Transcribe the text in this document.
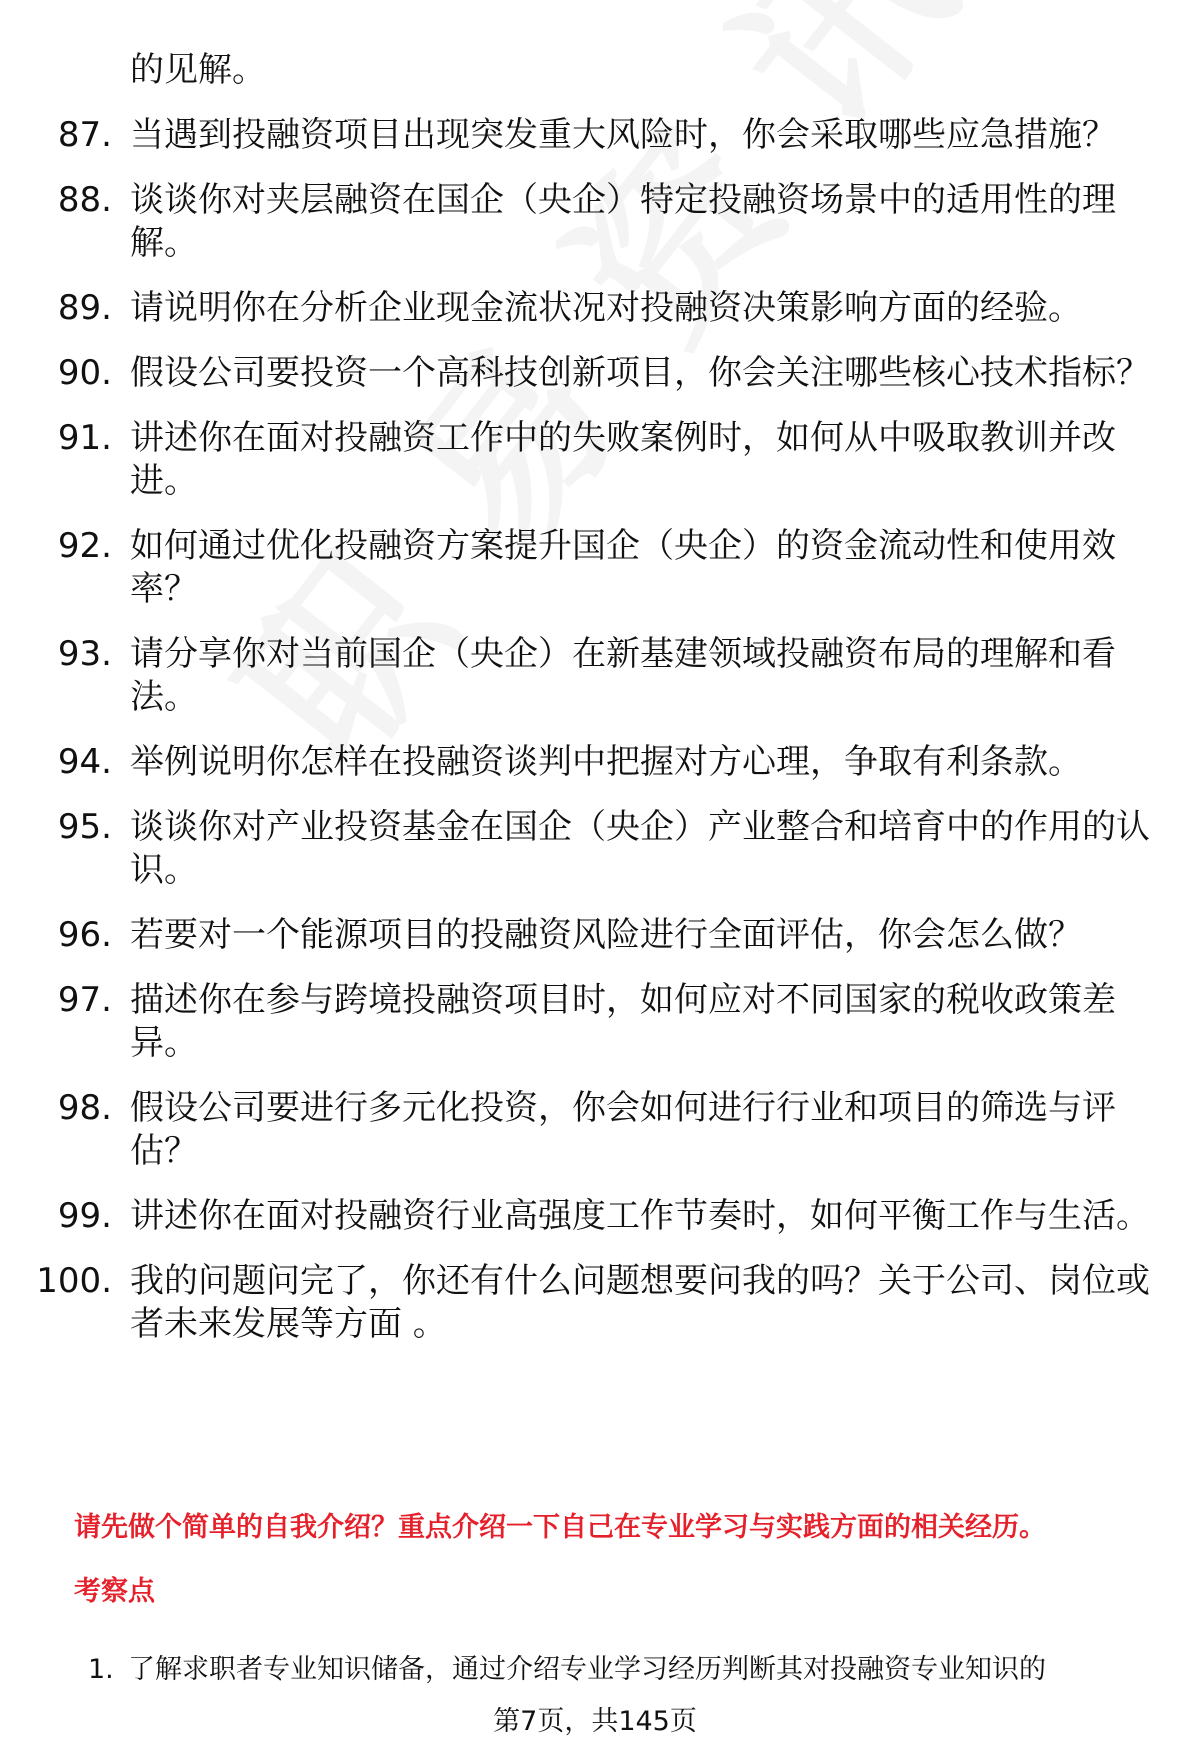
的见解。
87. 当遇到投融资项目出现突发重大风险时，你会采取哪些应急措施？
88. 谈谈你对夹层融资在国企（央企）特定投融资场景中的适用性的理解。
89. 请说明你在分析企业现金流状况对投融资决策影响方面的经验。
90. 假设公司要投资一个高科技创新项目，你会关注哪些核心技术指标？
91. 讲述你在面对投融资工作中的失败案例时，如何从中吸取教训并改进。
92. 如何通过优化投融资方案提升国企（央企）的资金流动性和使用效率？
93. 请分享你对当前国企（央企）在新基建领域投融资布局的理解和看法。
94. 举例说明你怎样在投融资谈判中把握对方心理，争取有利条款。
95. 谈谈你对产业投资基金在国企（央企）产业整合和培育中的作用的认识。
96. 若要对一个能源项目的投融资风险进行全面评估，你会怎么做？
97. 描述你在参与跨境投融资项目时，如何应对不同国家的税收政策差异。
98. 假设公司要进行多元化投资，你会如何进行行业和项目的筛选与评估？
99. 讲述你在面对投融资行业高强度工作节奏时，如何平衡工作与生活。
100. 我的问题问完了，你还有什么问题想要问我的吗？关于公司、岗位或者未来发展等方面 。
请先做个简单的自我介绍？重点介绍一下自己在专业学习与实践方面的相关经历。
考察点
1. 了解求职者专业知识储备，通过介绍专业学习经历判断其对投融资专业知识的
第7页，共145页
